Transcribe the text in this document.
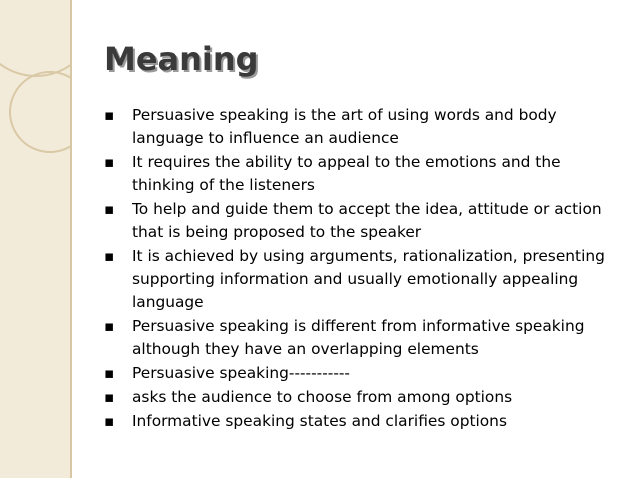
Meaning
▪ Persuasive speaking is the art of using words and body language to influence an audience
▪ It requires the ability to appeal to the emotions and the thinking of the listeners
▪ To help and guide them to accept the idea, attitude or action that is being proposed to the speaker
▪ It is achieved by using arguments, rationalization, presenting supporting information and usually emotionally appealing language
▪ Persuasive speaking is different from informative speaking although they have an overlapping elements
▪ Persuasive speaking-----------
▪ asks the audience to choose from among options
▪ Informative speaking states and clarifies options
